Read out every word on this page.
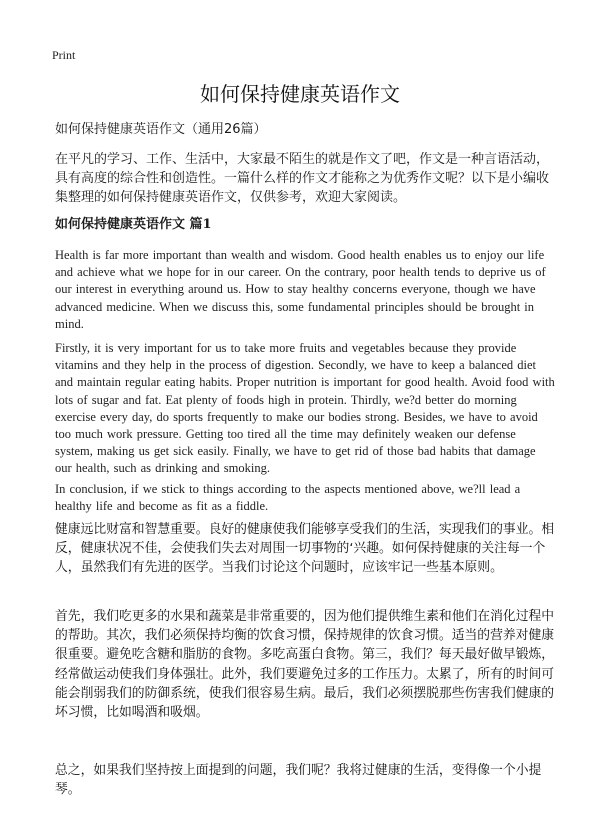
Print
如何保持健康英语作文

如何保持健康英语作文（通用26篇）

在平凡的学习、工作、生活中，大家最不陌生的就是作文了吧，作文是一种言语活动，具有高度的综合性和创造性。一篇什么样的作文才能称之为优秀作文呢？以下是小编收集整理的如何保持健康英语作文，仅供参考，欢迎大家阅读。

如何保持健康英语作文 篇1

Health is far more important than wealth and wisdom. Good health enables us to enjoy our life and achieve what we hope for in our career. On the contrary, poor health tends to deprive us of our interest in everything around us. How to stay healthy concerns everyone, though we have advanced medicine. When we discuss this, some fundamental principles should be brought in mind.

Firstly, it is very important for us to take more fruits and vegetables because they provide vitamins and they help in the process of digestion. Secondly, we have to keep a balanced diet and maintain regular eating habits. Proper nutrition is important for good health. Avoid food with lots of sugar and fat. Eat plenty of foods high in protein. Thirdly, we?d better do morning exercise every day, do sports frequently to make our bodies strong. Besides, we have to avoid too much work pressure. Getting too tired all the time may definitely weaken our defense system, making us get sick easily. Finally, we have to get rid of those bad habits that damage our health, such as drinking and smoking.

In conclusion, if we stick to things according to the aspects mentioned above, we?ll lead a healthy life and become as fit as a fiddle.

健康远比财富和智慧重要。良好的健康使我们能够享受我们的生活，实现我们的事业。相反，健康状况不佳，会使我们失去对周围一切事物的‘兴趣。如何保持健康的关注每一个人，虽然我们有先进的医学。当我们讨论这个问题时，应该牢记一些基本原则。

首先，我们吃更多的水果和蔬菜是非常重要的，因为他们提供维生素和他们在消化过程中的帮助。其次，我们必须保持均衡的饮食习惯，保持规律的饮食习惯。适当的营养对健康很重要。避免吃含糖和脂肪的食物。多吃高蛋白食物。第三，我们？每天最好做早锻炼，经常做运动使我们身体强壮。此外，我们要避免过多的工作压力。太累了，所有的时间可能会削弱我们的防御系统，使我们很容易生病。最后，我们必须摆脱那些伤害我们健康的坏习惯，比如喝酒和吸烟。

总之，如果我们坚持按上面提到的问题，我们呢？我将过健康的生活，变得像一个小提琴。
